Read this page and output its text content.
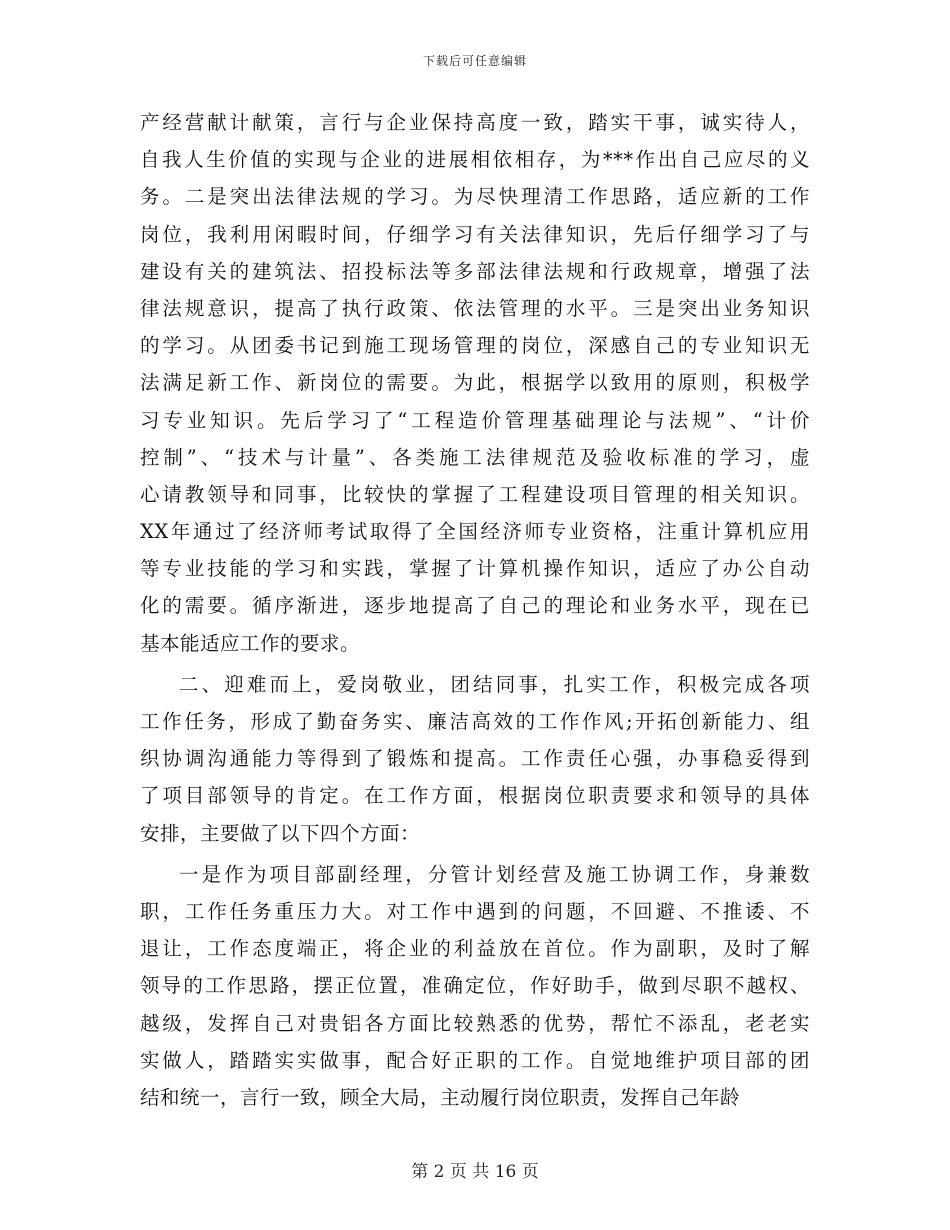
下载后可任意编辑
产经营献计献策，言行与企业保持高度一致，踏实干事，诚实待人，
自我人生价值的实现与企业的进展相依相存，为***作出自己应尽的义
务。二是突出法律法规的学习。为尽快理清工作思路，适应新的工作
岗位，我利用闲暇时间，仔细学习有关法律知识，先后仔细学习了与
建设有关的建筑法、招投标法等多部法律法规和行政规章，增强了法
律法规意识，提高了执行政策、依法管理的水平。三是突出业务知识
的学习。从团委书记到施工现场管理的岗位，深感自己的专业知识无
法满足新工作、新岗位的需要。为此，根据学以致用的原则，积极学
习专业知识。先后学习了“工程造价管理基础理论与法规”、“计价
控制”、“技术与计量”、各类施工法律规范及验收标准的学习，虚
心请教领导和同事，比较快的掌握了工程建设项目管理的相关知识。
XX年通过了经济师考试取得了全国经济师专业资格，注重计算机应用
等专业技能的学习和实践，掌握了计算机操作知识，适应了办公自动
化的需要。循序渐进，逐步地提高了自己的理论和业务水平，现在已
基本能适应工作的要求。
二、迎难而上，爱岗敬业，团结同事，扎实工作，积极完成各项
工作任务，形成了勤奋务实、廉洁高效的工作作风;开拓创新能力、组
织协调沟通能力等得到了锻炼和提高。工作责任心强，办事稳妥得到
了项目部领导的肯定。在工作方面，根据岗位职责要求和领导的具体
安排，主要做了以下四个方面：
一是作为项目部副经理，分管计划经营及施工协调工作，身兼数
职，工作任务重压力大。对工作中遇到的问题，不回避、不推诿、不
退让，工作态度端正，将企业的利益放在首位。作为副职，及时了解
领导的工作思路，摆正位置，准确定位，作好助手，做到尽职不越权、
越级，发挥自己对贵铝各方面比较熟悉的优势，帮忙不添乱，老老实
实做人，踏踏实实做事，配合好正职的工作。自觉地维护项目部的团
结和统一，言行一致，顾全大局，主动履行岗位职责，发挥自己年龄
第 2 页 共 16 页
